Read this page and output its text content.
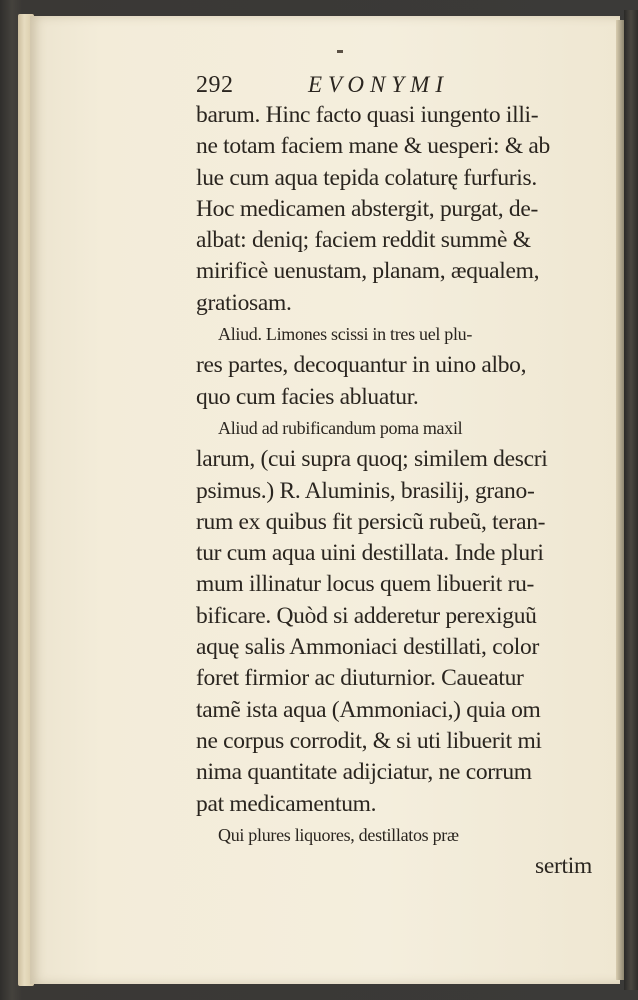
292	EVONYMI
barum. Hinc facto quasi iungento illi-
ne totam faciem mane & uesperi: & ab
lue cum aqua tepida colaturę furfuris.
Hoc medicamen abstergit, purgat, de-
albat: deniq; faciem reddit summè &
mirificè uenustam, planam, æqualem,
gratiosam.
Aliud. Limones scissi in tres uel plu-
res partes, decoquantur in uino albo,
quo cum facies abluatur.
Aliud ad rubificandum poma maxil
larum, (cui supra quoq; similem descri
psimus.) R. Aluminis, brasilij, grano-
rum ex quibus fit persicũ rubeũ, teran-
tur cum aqua uini destillata. Inde pluri
mum illinatur locus quem libuerit ru-
bificare. Quòd si adderetur perexiguũ
aquę salis Ammoniaci destillati, color
foret firmior ac diuturnior. Caueatur
tamẽ ista aqua (Ammoniaci,) quia om
ne corpus corrodit, & si uti libuerit mi
nima quantitate adijciatur, ne corrum
pat medicamentum.
Qui plures liquores, destillatos præ
sertim
